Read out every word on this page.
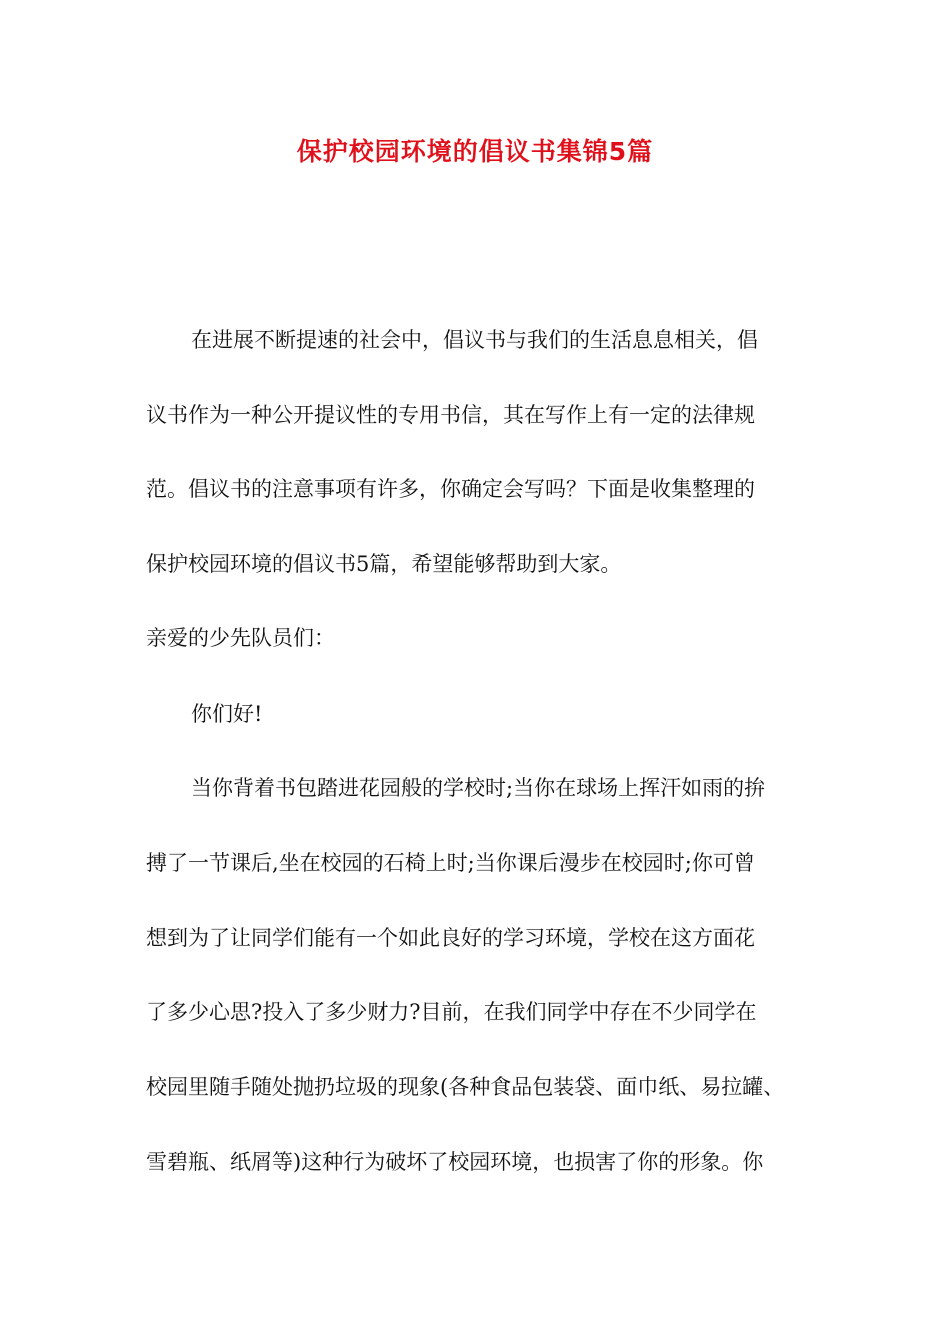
保护校园环境的倡议书集锦5篇
在进展不断提速的社会中，倡议书与我们的生活息息相关，倡
议书作为一种公开提议性的专用书信，其在写作上有一定的法律规
范。倡议书的注意事项有许多，你确定会写吗？下面是收集整理的
保护校园环境的倡议书5篇，希望能够帮助到大家。
亲爱的少先队员们：
你们好!
当你背着书包踏进花园般的学校时;当你在球场上挥汗如雨的拚
搏了一节课后,坐在校园的石椅上时;当你课后漫步在校园时;你可曾
想到为了让同学们能有一个如此良好的学习环境，学校在这方面花
了多少心思?投入了多少财力?目前，在我们同学中存在不少同学在
校园里随手随处抛扔垃圾的现象(各种食品包装袋、面巾纸、易拉罐、
雪碧瓶、纸屑等)这种行为破坏了校园环境，也损害了你的形象。你
